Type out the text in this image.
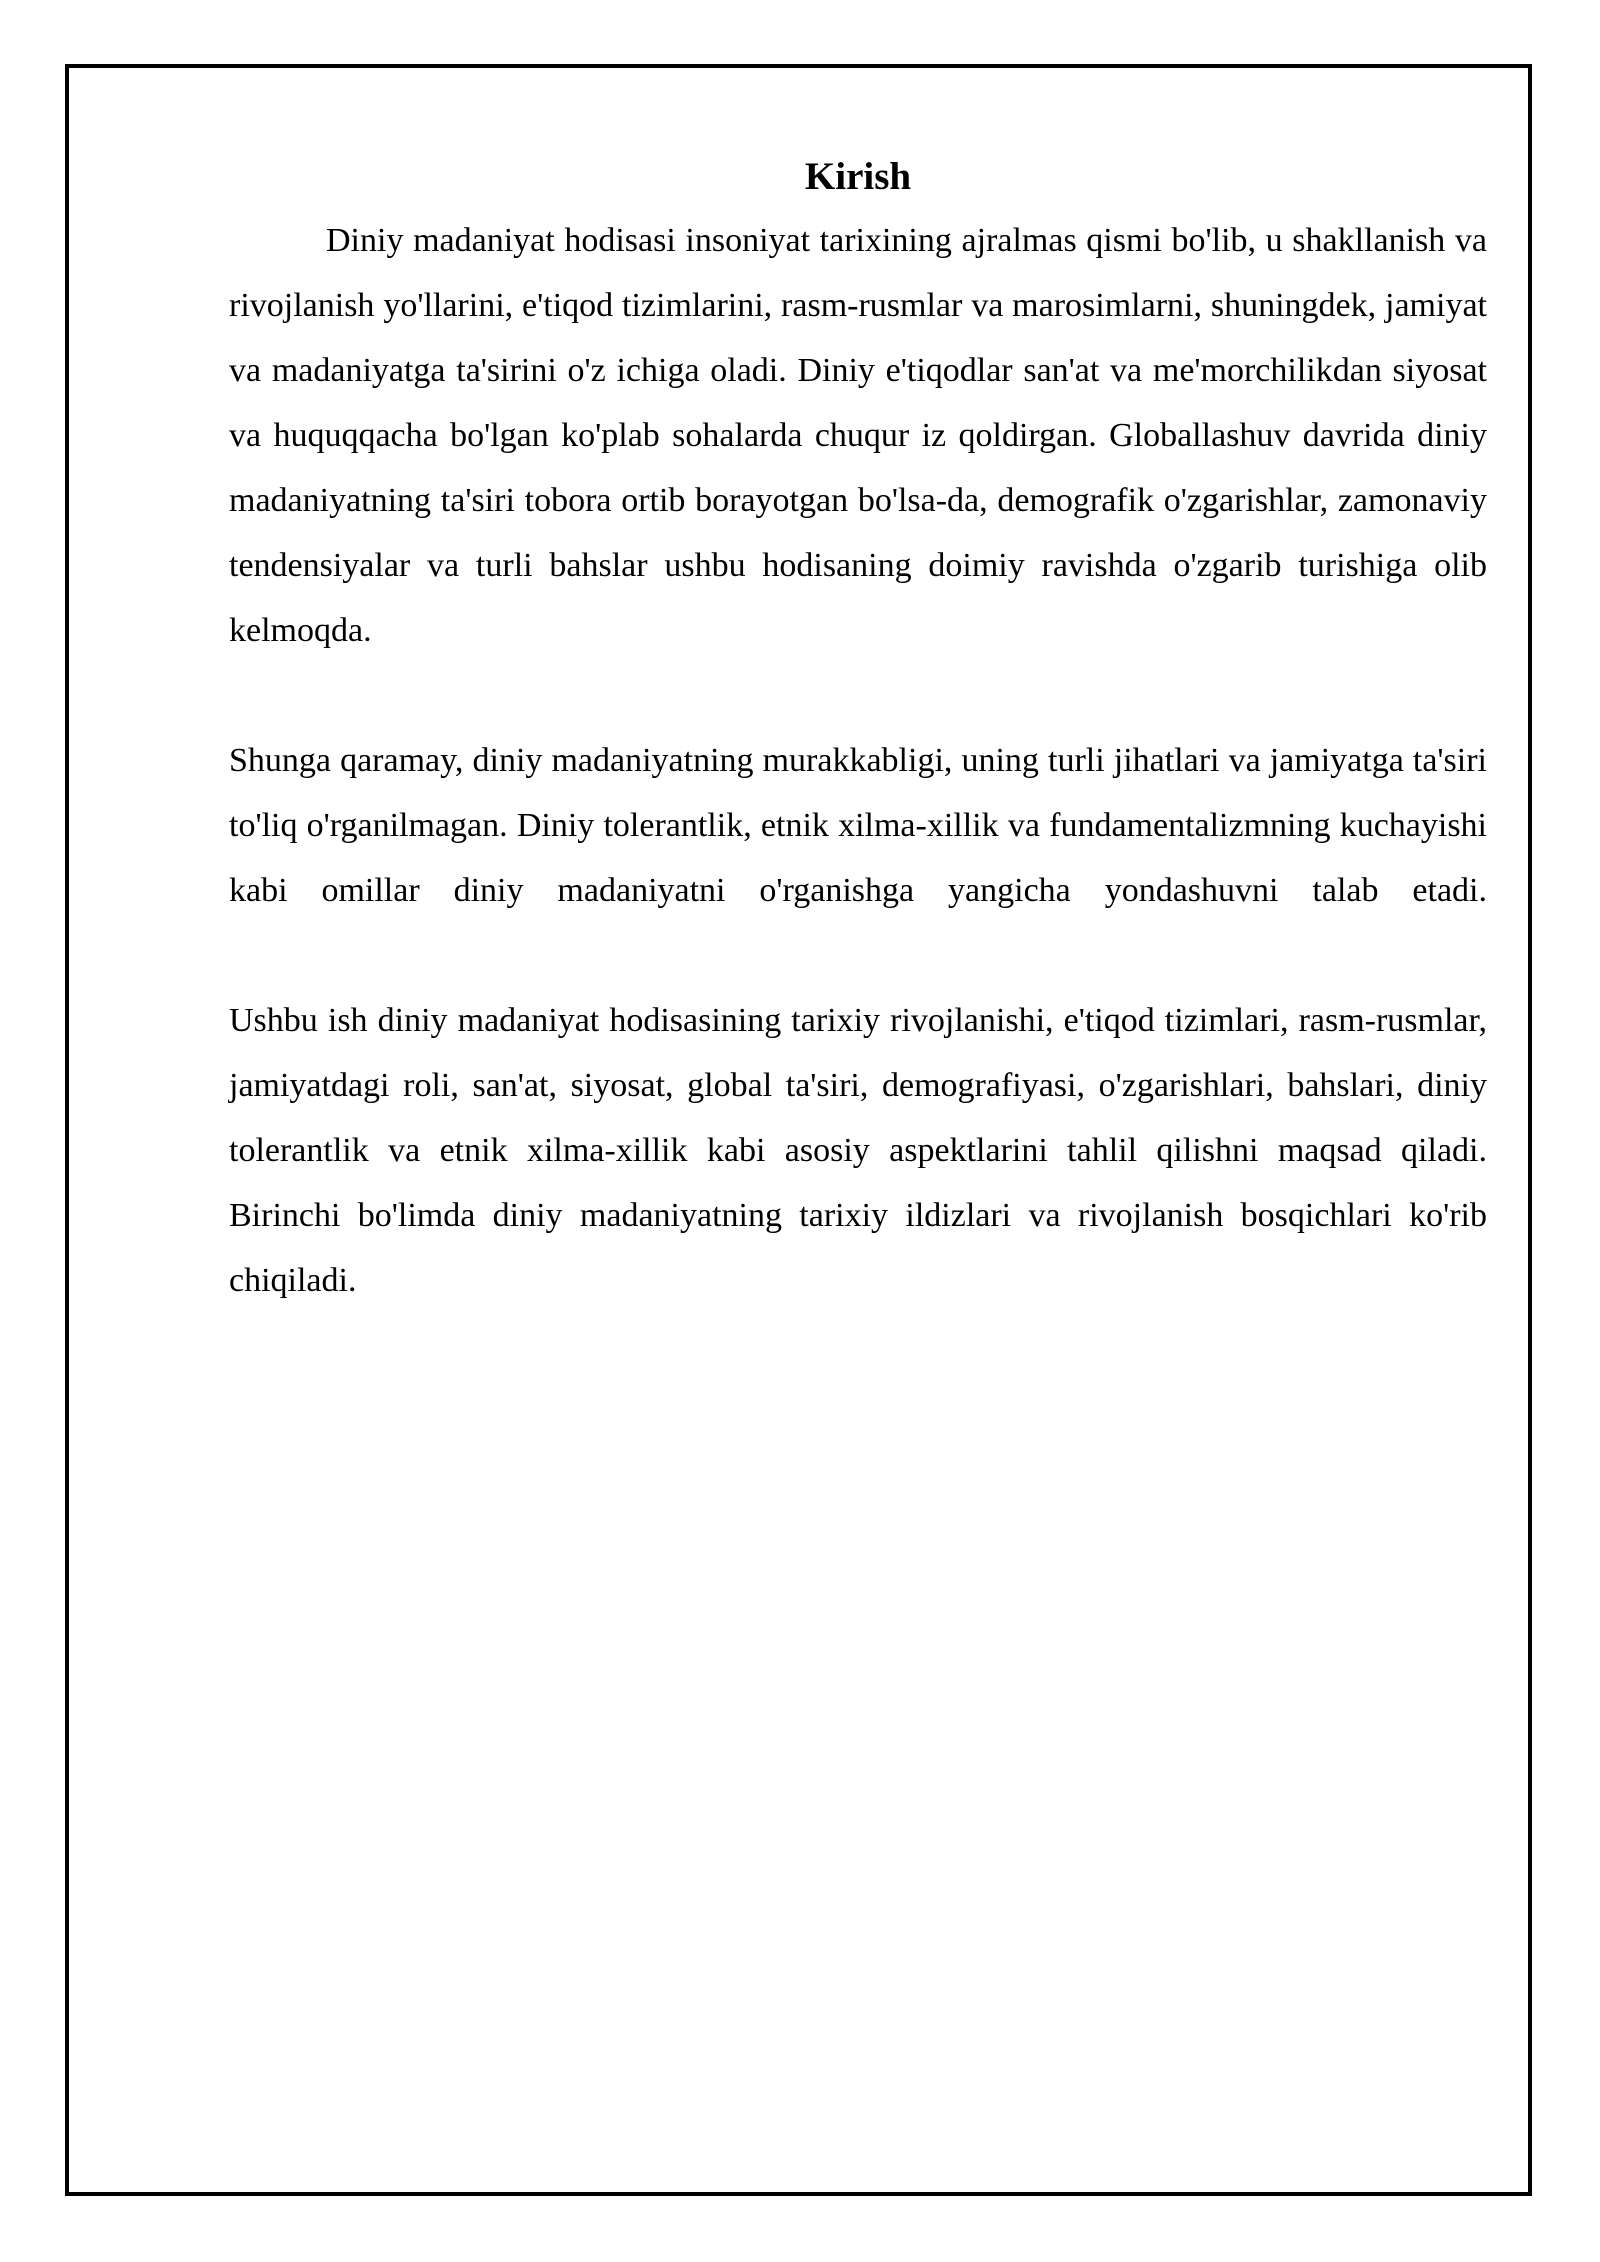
Kirish

Diniy madaniyat hodisasi insoniyat tarixining ajralmas qismi bo'lib, u shakllanish va rivojlanish yo'llarini, e'tiqod tizimlarini, rasm-rusmlar va marosimlarni, shuningdek, jamiyat va madaniyatga ta'sirini o'z ichiga oladi. Diniy e'tiqodlar san'at va me'morchilikdan siyosat va huquqqacha bo'lgan ko'plab sohalarda chuqur iz qoldirgan. Globallashuv davrida diniy madaniyatning ta'siri tobora ortib borayotgan bo'lsa-da, demografik o'zgarishlar, zamonaviy tendensiyalar va turli bahslar ushbu hodisaning doimiy ravishda o'zgarib turishiga olib kelmoqda.

Shunga qaramay, diniy madaniyatning murakkabligi, uning turli jihatlari va jamiyatga ta'siri to'liq o'rganilmagan. Diniy tolerantlik, etnik xilma-xillik va fundamentalizmning kuchayishi kabi omillar diniy madaniyatni o'rganishga yangicha yondashuvni talab etadi.

Ushbu ish diniy madaniyat hodisasining tarixiy rivojlanishi, e'tiqod tizimlari, rasm-rusmlar, jamiyatdagi roli, san'at, siyosat, global ta'siri, demografiyasi, o'zgarishlari, bahslari, diniy tolerantlik va etnik xilma-xillik kabi asosiy aspektlarini tahlil qilishni maqsad qiladi. Birinchi bo'limda diniy madaniyatning tarixiy ildizlari va rivojlanish bosqichlari ko'rib chiqiladi.
